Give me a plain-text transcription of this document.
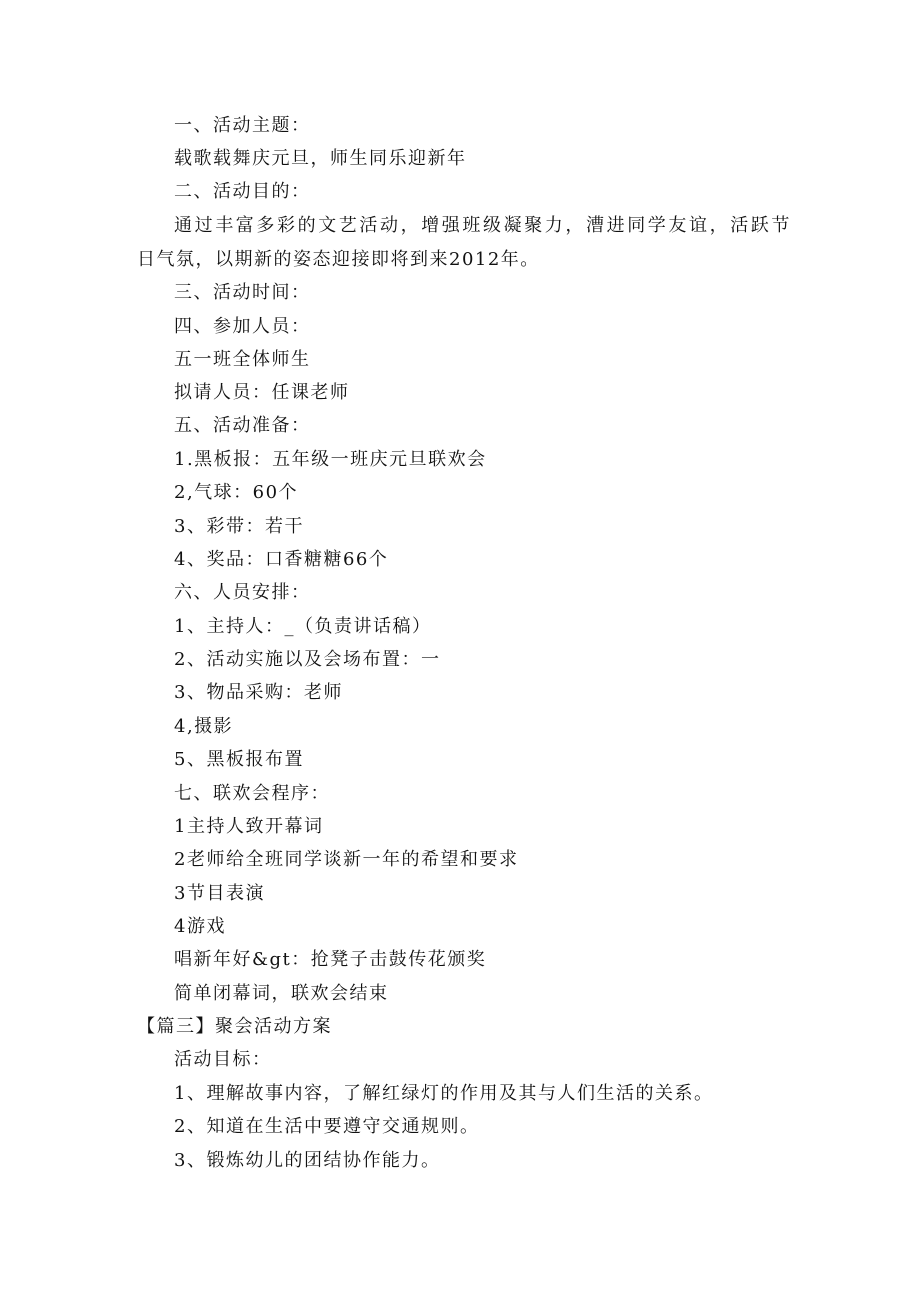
一、活动主题：
载歌载舞庆元旦，师生同乐迎新年
二、活动目的：
通过丰富多彩的文艺活动，增强班级凝聚力，漕进同学友谊，活跃节
日气氛，以期新的姿态迎接即将到来2012年。
三、活动时间：
四、参加人员：
五一班全体师生
拟请人员：任课老师
五、活动准备：
1.黑板报：五年级一班庆元旦联欢会
2,气球：60个
3、彩带：若干
4、奖品：口香糖糖66个
六、人员安排：
1、主持人：_（负责讲话稿）
2、活动实施以及会场布置：一
3、物品采购：老师
4,摄影
5、黑板报布置
七、联欢会程序：
1主持人致开幕词
2老师给全班同学谈新一年的希望和要求
3节目表演
4游戏
唱新年好&gt：抢凳子击鼓传花颁奖
简单闭幕词，联欢会结束
【篇三】聚会活动方案
活动目标：
1、理解故事内容，了解红绿灯的作用及其与人们生活的关系。
2、知道在生活中要遵守交通规则。
3、锻炼幼儿的团结协作能力。
